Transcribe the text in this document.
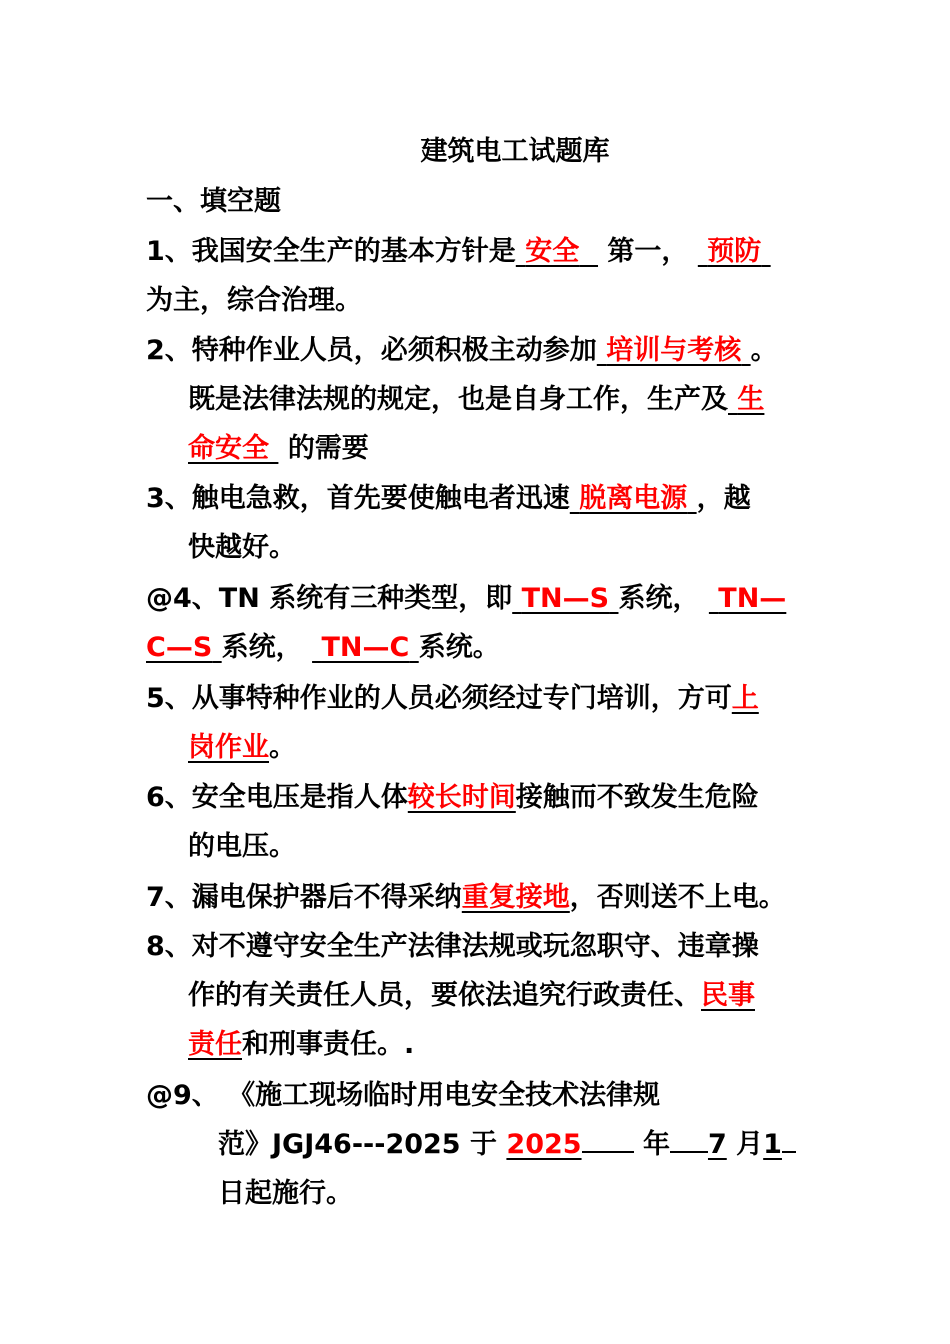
建筑电工试题库
一、填空题
1、我国安全生产的基本方针是 安全 第一， 预防
为主，综合治理。
2、特种作业人员，必须积极主动参加 培训与考核 。
既是法律法规的规定，也是自身工作，生产及 生
命安全 的需要
3、触电急救，首先要使触电者迅速 脱离电源 ，越
快越好。
@4、TN 系统有三种类型，即 TN—S 系统， TN—
C—S 系统， TN—C 系统。
5、从事特种作业的人员必须经过专门培训，方可上
岗作业。
6、安全电压是指人体较长时间接触而不致发生危险
的电压。
7、漏电保护器后不得采纳重复接地，否则送不上电。
8、对不遵守安全生产法律法规或玩忽职守、违章操
作的有关责任人员，要依法追究行政责任、民事
责任和刑事责任。.
@9、 《施工现场临时用电安全技术法律规
范》JGJ46---2025 于 2025 年 7 月1
日起施行。
